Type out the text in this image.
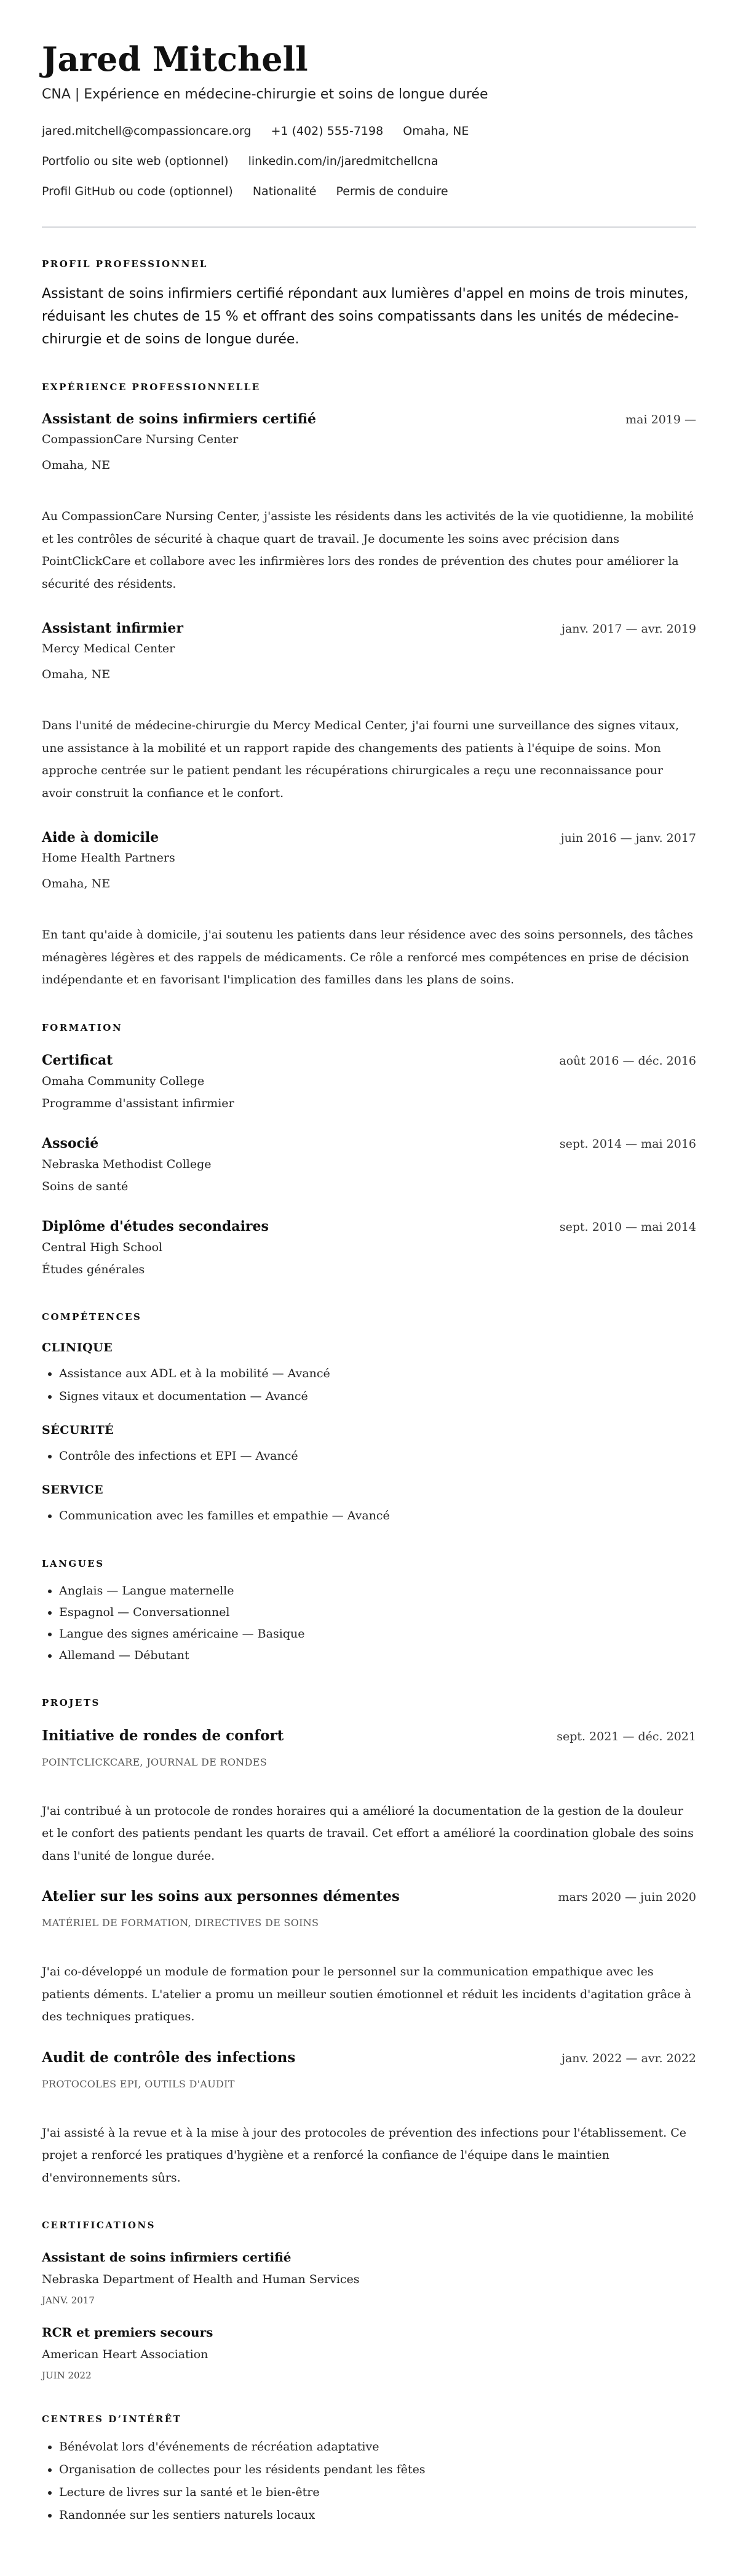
Jared Mitchell
CNA | Expérience en médecine-chirurgie et soins de longue durée
jared.mitchell@compassioncare.org +1 (402) 555-7198 Omaha, NE
Portfolio ou site web (optionnel) linkedin.com/in/jaredmitchellcna
Profil GitHub ou code (optionnel) Nationalité Permis de conduire
PROFIL PROFESSIONNEL
Assistant de soins infirmiers certifié répondant aux lumières d'appel en moins de trois minutes, réduisant les chutes de 15 % et offrant des soins compatissants dans les unités de médecine-chirurgie et de soins de longue durée.
EXPÉRIENCE PROFESSIONNELLE
Assistant de soins infirmiers certifié	mai 2019 —
CompassionCare Nursing Center
Omaha, NE
Au CompassionCare Nursing Center, j'assiste les résidents dans les activités de la vie quotidienne, la mobilité et les contrôles de sécurité à chaque quart de travail. Je documente les soins avec précision dans PointClickCare et collabore avec les infirmières lors des rondes de prévention des chutes pour améliorer la sécurité des résidents.
Assistant infirmier	janv. 2017 — avr. 2019
Mercy Medical Center
Omaha, NE
Dans l'unité de médecine-chirurgie du Mercy Medical Center, j'ai fourni une surveillance des signes vitaux, une assistance à la mobilité et un rapport rapide des changements des patients à l'équipe de soins. Mon approche centrée sur le patient pendant les récupérations chirurgicales a reçu une reconnaissance pour avoir construit la confiance et le confort.
Aide à domicile	juin 2016 — janv. 2017
Home Health Partners
Omaha, NE
En tant qu'aide à domicile, j'ai soutenu les patients dans leur résidence avec des soins personnels, des tâches ménagères légères et des rappels de médicaments. Ce rôle a renforcé mes compétences en prise de décision indépendante et en favorisant l'implication des familles dans les plans de soins.
FORMATION
Certificat	août 2016 — déc. 2016
Omaha Community College
Programme d'assistant infirmier
Associé	sept. 2014 — mai 2016
Nebraska Methodist College
Soins de santé
Diplôme d'études secondaires	sept. 2010 — mai 2014
Central High School
Études générales
COMPÉTENCES
CLINIQUE
• Assistance aux ADL et à la mobilité — Avancé
• Signes vitaux et documentation — Avancé
SÉCURITÉ
• Contrôle des infections et EPI — Avancé
SERVICE
• Communication avec les familles et empathie — Avancé
LANGUES
• Anglais — Langue maternelle
• Espagnol — Conversationnel
• Langue des signes américaine — Basique
• Allemand — Débutant
PROJETS
Initiative de rondes de confort	sept. 2021 — déc. 2021
POINTCLICKCARE, JOURNAL DE RONDES
J'ai contribué à un protocole de rondes horaires qui a amélioré la documentation de la gestion de la douleur et le confort des patients pendant les quarts de travail. Cet effort a amélioré la coordination globale des soins dans l'unité de longue durée.
Atelier sur les soins aux personnes démentes	mars 2020 — juin 2020
MATÉRIEL DE FORMATION, DIRECTIVES DE SOINS
J'ai co-développé un module de formation pour le personnel sur la communication empathique avec les patients déments. L'atelier a promu un meilleur soutien émotionnel et réduit les incidents d'agitation grâce à des techniques pratiques.
Audit de contrôle des infections	janv. 2022 — avr. 2022
PROTOCOLES EPI, OUTILS D'AUDIT
J'ai assisté à la revue et à la mise à jour des protocoles de prévention des infections pour l'établissement. Ce projet a renforcé les pratiques d'hygiène et a renforcé la confiance de l'équipe dans le maintien d'environnements sûrs.
CERTIFICATIONS
Assistant de soins infirmiers certifié
Nebraska Department of Health and Human Services
JANV. 2017
RCR et premiers secours
American Heart Association
JUIN 2022
CENTRES D’INTÉRÊT
• Bénévolat lors d'événements de récréation adaptative
• Organisation de collectes pour les résidents pendant les fêtes
• Lecture de livres sur la santé et le bien-être
• Randonnée sur les sentiers naturels locaux
